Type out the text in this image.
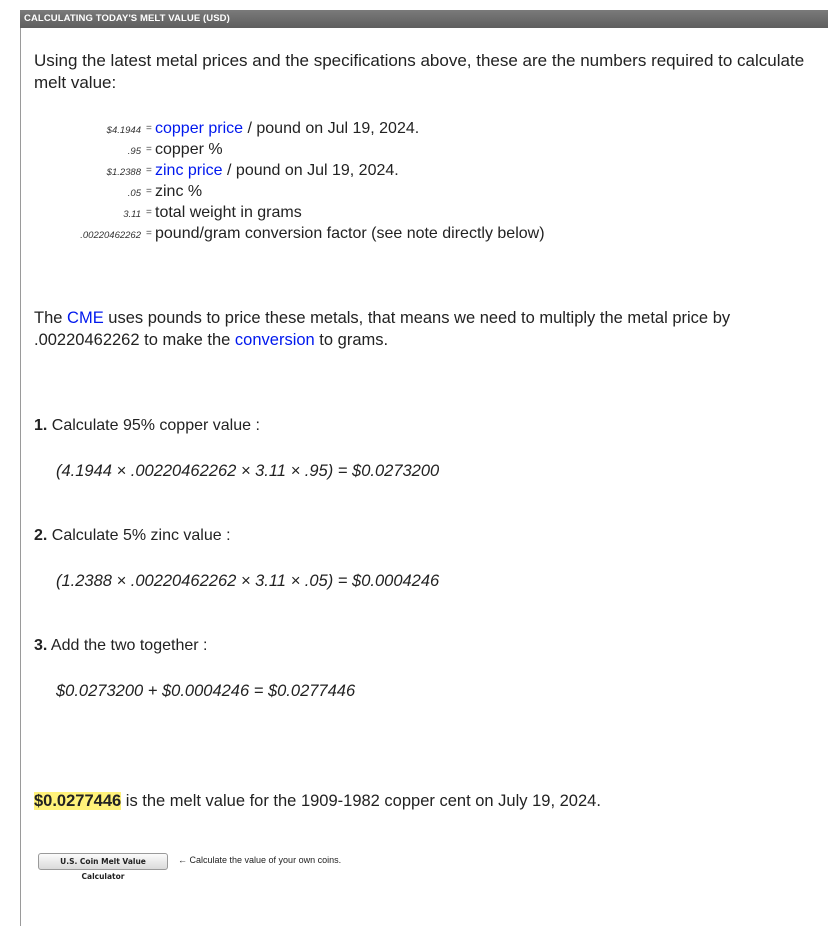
CALCULATING TODAY'S MELT VALUE (USD)
Using the latest metal prices and the specifications above, these are the numbers required to calculate melt value:
$4.1944 = copper price / pound on Jul 19, 2024.
.95 = copper %
$1.2388 = zinc price / pound on Jul 19, 2024.
.05 = zinc %
3.11 = total weight in grams
.00220462262 = pound/gram conversion factor (see note directly below)
The CME uses pounds to price these metals, that means we need to multiply the metal price by .00220462262 to make the conversion to grams.
1. Calculate 95% copper value :
(4.1944 × .00220462262 × 3.11 × .95) = $0.0273200
2. Calculate 5% zinc value :
(1.2388 × .00220462262 × 3.11 × .05) = $0.0004246
3. Add the two together :
$0.0273200 + $0.0004246 = $0.0277446
$0.0277446 is the melt value for the 1909-1982 copper cent on July 19, 2024.
U.S. Coin Melt Value Calculator
← Calculate the value of your own coins.
